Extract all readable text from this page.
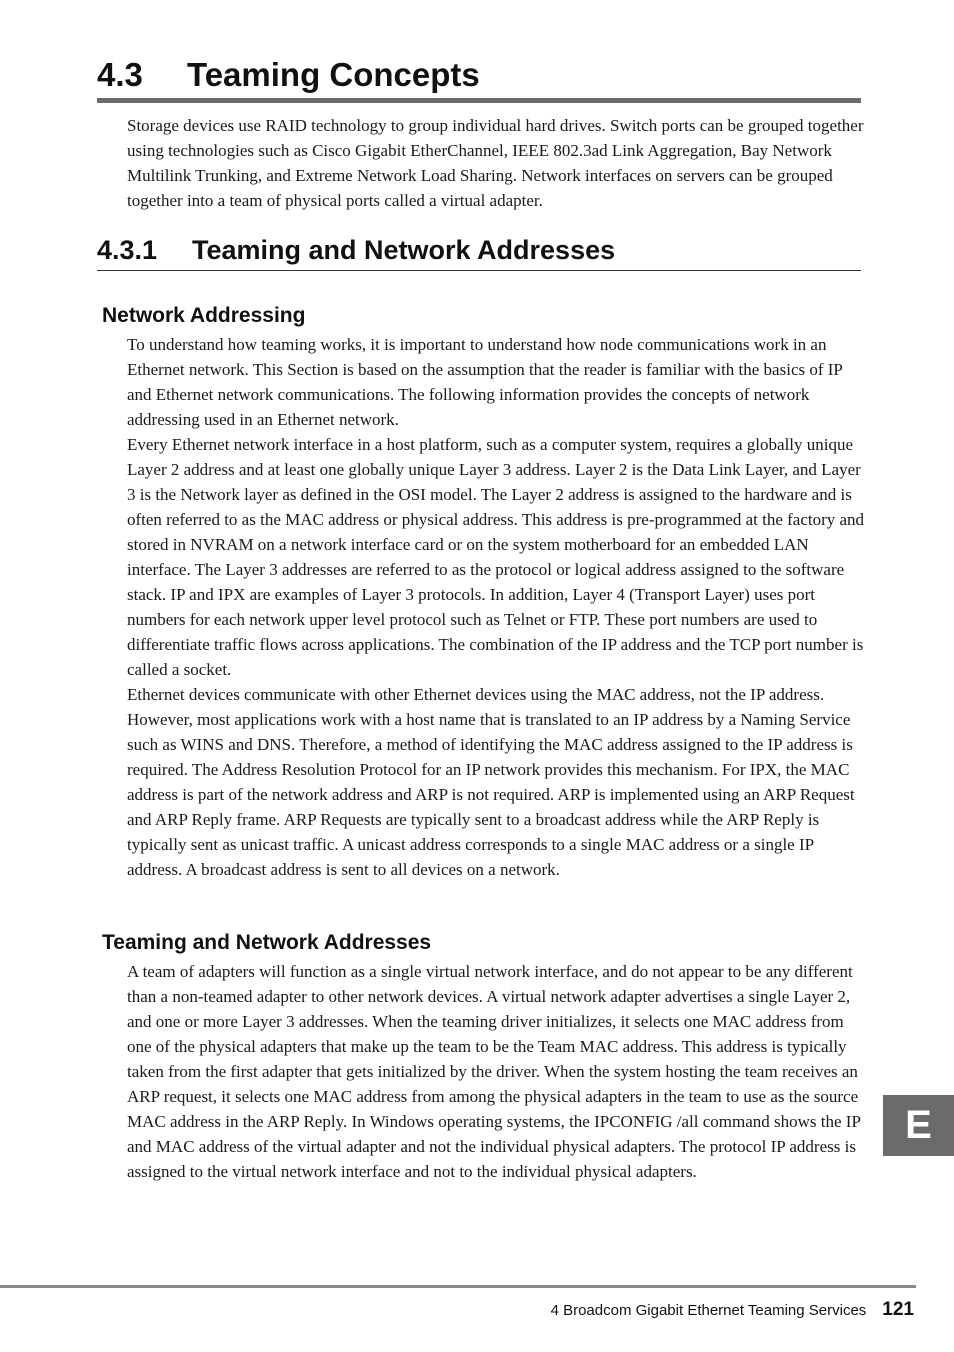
4.3 Teaming Concepts

Storage devices use RAID technology to group individual hard drives. Switch ports can be grouped together using technologies such as Cisco Gigabit EtherChannel, IEEE 802.3ad Link Aggregation, Bay Network Multilink Trunking, and Extreme Network Load Sharing. Network interfaces on servers can be grouped together into a team of physical ports called a virtual adapter.

4.3.1 Teaming and Network Addresses
Network Addressing

To understand how teaming works, it is important to understand how node communications work in an Ethernet network. This Section is based on the assumption that the reader is familiar with the basics of IP and Ethernet network communications. The following information provides the concepts of network addressing used in an Ethernet network.

Every Ethernet network interface in a host platform, such as a computer system, requires a globally unique Layer 2 address and at least one globally unique Layer 3 address. Layer 2 is the Data Link Layer, and Layer 3 is the Network layer as defined in the OSI model. The Layer 2 address is assigned to the hardware and is often referred to as the MAC address or physical address. This address is pre-programmed at the factory and stored in NVRAM on a network interface card or on the system motherboard for an embedded LAN interface. The Layer 3 addresses are referred to as the protocol or logical address assigned to the software stack. IP and IPX are examples of Layer 3 protocols. In addition, Layer 4 (Transport Layer) uses port numbers for each network upper level protocol such as Telnet or FTP. These port numbers are used to differentiate traffic flows across applications. The combination of the IP address and the TCP port number is called a socket.

Ethernet devices communicate with other Ethernet devices using the MAC address, not the IP address. However, most applications work with a host name that is translated to an IP address by a Naming Service such as WINS and DNS. Therefore, a method of identifying the MAC address assigned to the IP address is required. The Address Resolution Protocol for an IP network provides this mechanism. For IPX, the MAC address is part of the network address and ARP is not required. ARP is implemented using an ARP Request and ARP Reply frame. ARP Requests are typically sent to a broadcast address while the ARP Reply is typically sent as unicast traffic. A unicast address corresponds to a single MAC address or a single IP address. A broadcast address is sent to all devices on a network.

Teaming and Network Addresses

A team of adapters will function as a single virtual network interface, and do not appear to be any different than a non-teamed adapter to other network devices. A virtual network adapter advertises a single Layer 2, and one or more Layer 3 addresses. When the teaming driver initializes, it selects one MAC address from one of the physical adapters that make up the team to be the Team MAC address. This address is typically taken from the first adapter that gets initialized by the driver. When the system hosting the team receives an ARP request, it selects one MAC address from among the physical adapters in the team to use as the source MAC address in the ARP Reply. In Windows operating systems, the IPCONFIG /all command shows the IP and MAC address of the virtual adapter and not the individual physical adapters. The protocol IP address is assigned to the virtual network interface and not to the individual physical adapters.

E
4 Broadcom Gigabit Ethernet Teaming Services 121
